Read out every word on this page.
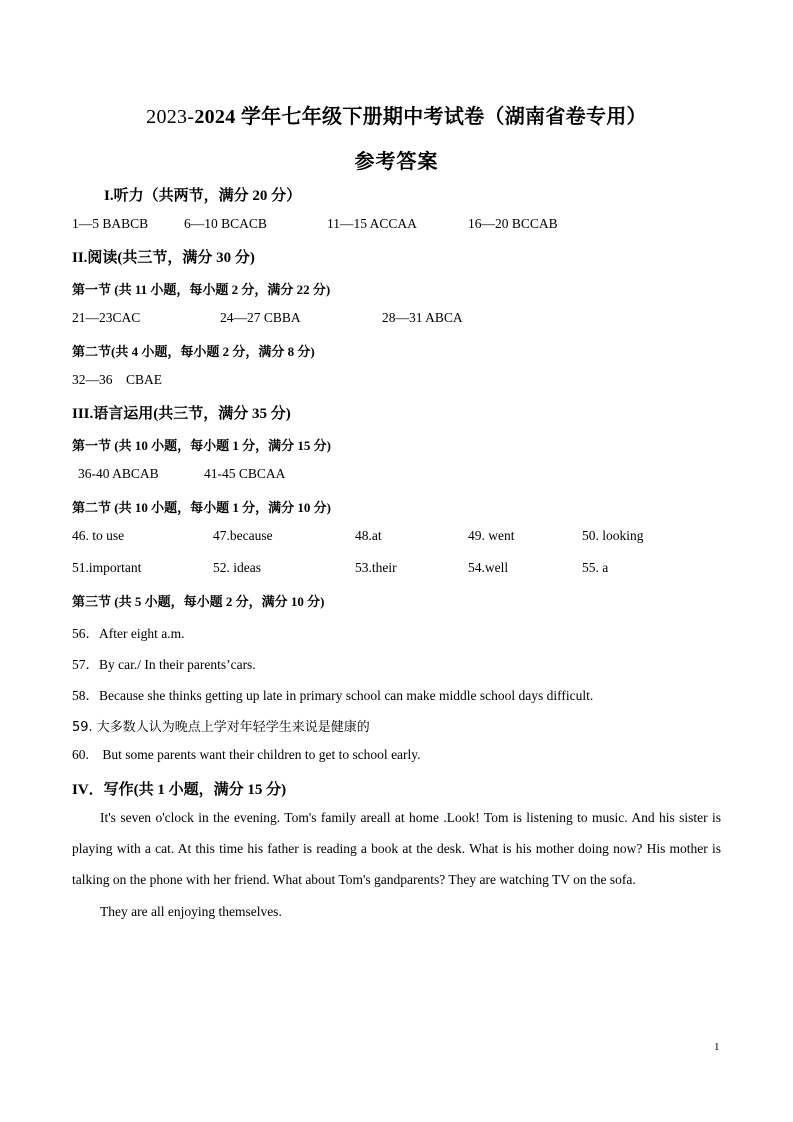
2023-2024 学年七年级下册期中考试卷（湖南省卷专用）
参考答案
I.听力（共两节，满分 20 分）
1—5 BABCB	6—10 BCACB	11—15 ACCAA	16—20 BCCAB
II.阅读(共三节，满分 30 分)
第一节 (共 11 小题，每小题 2 分，满分 22 分)
21—23CAC	24—27 CBBA	28—31 ABCA
第二节(共 4 小题，每小题 2 分，满分 8 分)
32—36    CBAE
III.语言运用(共三节，满分 35 分)
第一节 (共 10 小题，每小题 1 分，满分 15 分)
36-40 ABCAB	41-45 CBCAA
第二节 (共 10 小题，每小题 1 分，满分 10 分)
46. to use	47.because	48.at	49. went	50. looking
51.important	52. ideas	53.their	54.well	55. a
第三节 (共 5 小题，每小题 2 分，满分 10 分)
56．After eight a.m.
57．By car./ In their parents’cars.
58．Because she thinks getting up late in primary school can make middle school days difficult.
59. 大多数人认为晚点上学对年轻学生来说是健康的
60.    But some parents want their children to get to school early.
IV．写作(共 1 小题，满分 15 分)
It's seven o'clock in the evening. Tom's family areall at home .Look! Tom is listening to music. And his sister is playing with a cat. At this time his father is reading a book at the desk. What is his mother doing now? His mother is talking on the phone with her friend. What about Tom's gandparents? They are watching TV on the sofa.
They are all enjoying themselves.
1
